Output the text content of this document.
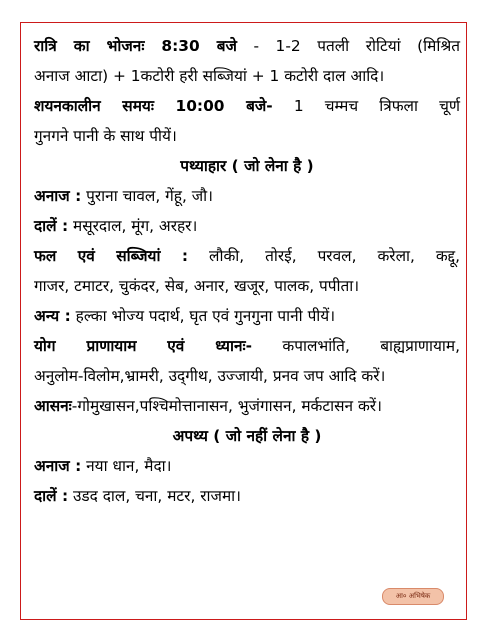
रात्रि का भोजनः 8:30 बजे - 1-2 पतली रोटियां (मिश्रित
अनाज आटा) + 1कटोरी हरी सब्जियां + 1 कटोरी दाल आदि।
शयनकालीन समयः 10:00 बजे- 1 चम्मच त्रिफला चूर्ण
गुनगने पानी के साथ पीयें।
पथ्याहार ( जो लेना है )
अनाज : पुराना चावल, गेंहू, जौ।
दालें : मसूरदाल, मूंग, अरहर।
फल एवं सब्जियां : लौकी, तोरई, परवल, करेला, कद्दू,
गाजर, टमाटर, चुकंदर, सेब, अनार, खजूर, पालक, पपीता।
अन्य : हल्का भोज्य पदार्थ, घृत एवं गुनगुना पानी पीयें।
योग प्राणायाम एवं ध्यानः- कपालभांति, बाह्यप्राणायाम,
अनुलोम-विलोम,भ्रामरी, उद्‌गीथ, उज्जायी, प्रनव जप आदि करें।
आसनः-गोमुखासन,पश्चिमोत्तानासन, भुजंगासन, मर्कटासन करें।
अपथ्य ( जो नहीं लेना है )
अनाज : नया धान, मैदा।
दालें : उडद दाल, चना, मटर, राजमा।
आ० अभिषेक
